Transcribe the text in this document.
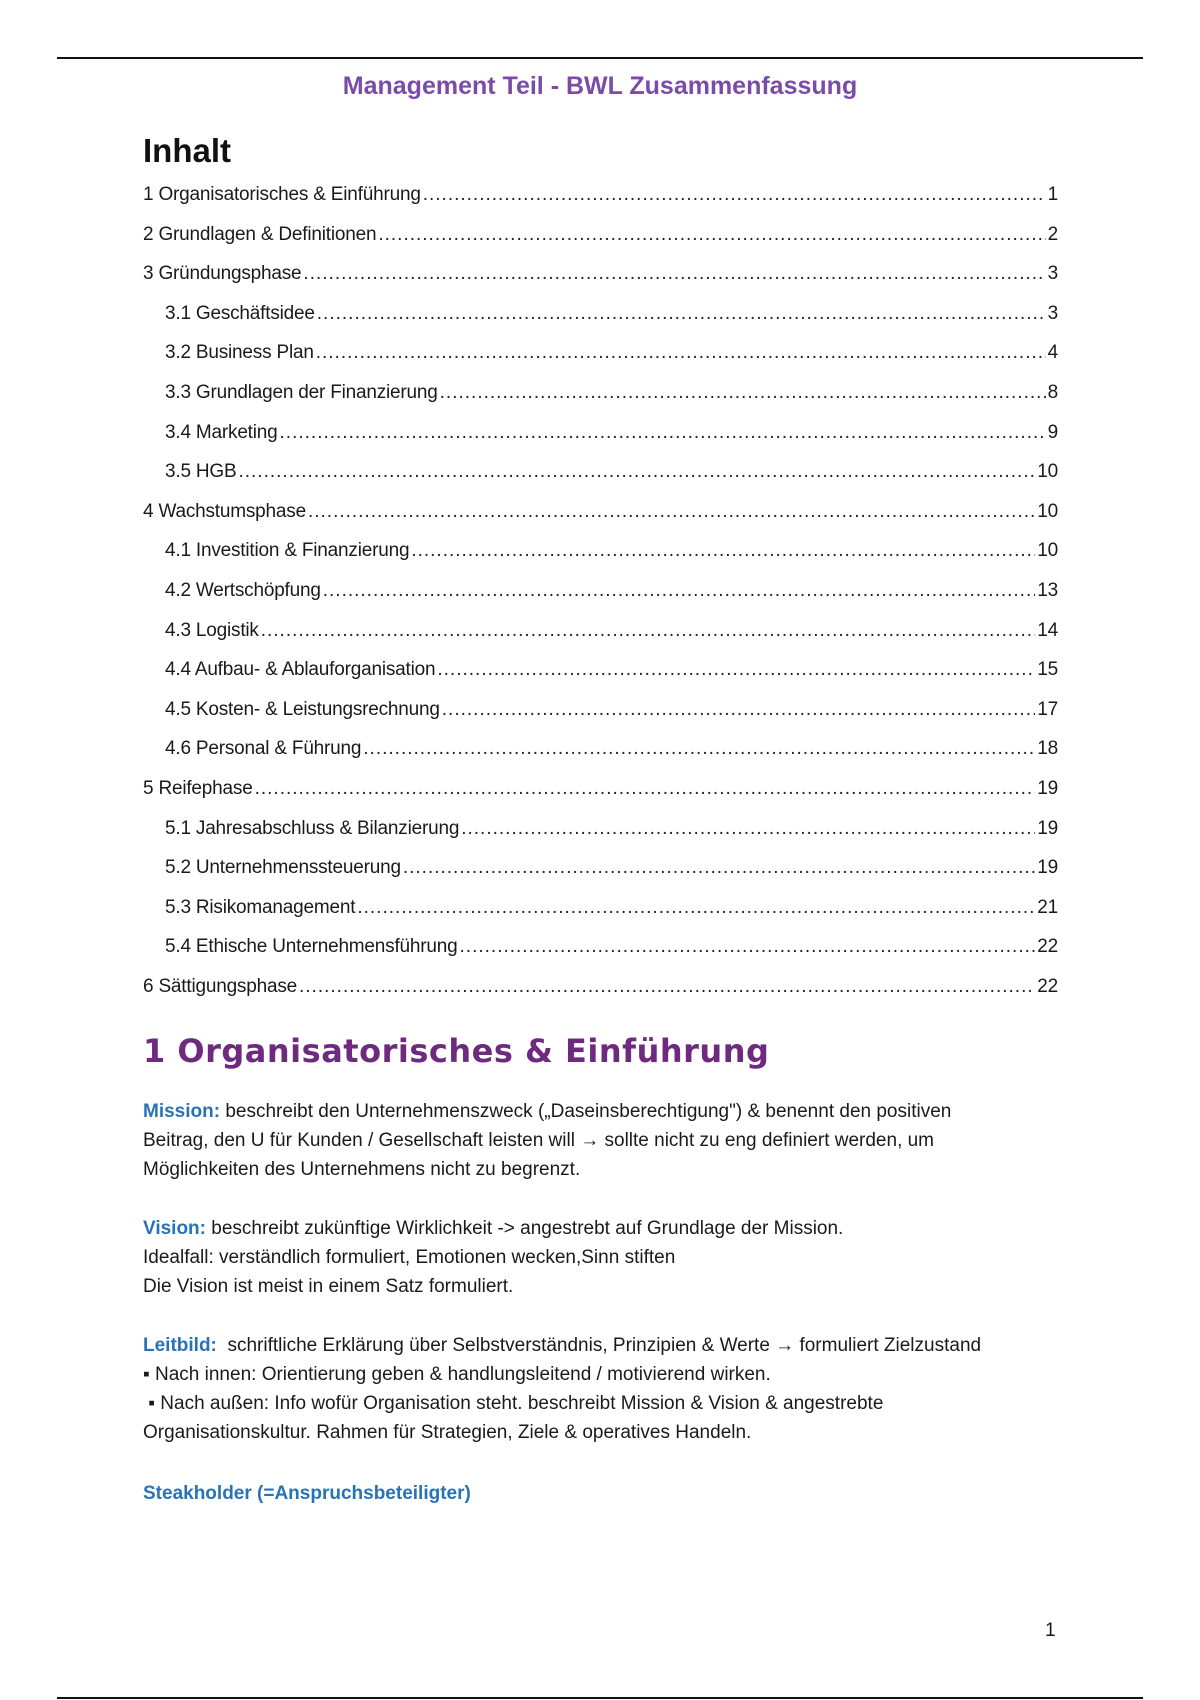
Management Teil - BWL Zusammenfassung
Inhalt
1 Organisatorisches & Einführung .....	1
2 Grundlagen & Definitionen .....	2
3 Gründungsphase .....	3
3.1 Geschäftsidee .....	3
3.2 Business Plan .....	4
3.3 Grundlagen der Finanzierung .....	8
3.4 Marketing .....	9
3.5 HGB .....	10
4 Wachstumsphase .....	10
4.1 Investition & Finanzierung .....	10
4.2 Wertschöpfung .....	13
4.3 Logistik .....	14
4.4 Aufbau- & Ablauforganisation .....	15
4.5 Kosten- & Leistungsrechnung .....	17
4.6 Personal & Führung .....	18
5 Reifephase .....	19
5.1 Jahresabschluss & Bilanzierung .....	19
5.2 Unternehmenssteuerung .....	19
5.3 Risikomanagement .....	21
5.4 Ethische Unternehmensführung .....	22
6 Sättigungsphase .....	22
1 Organisatorisches & Einführung
Mission: beschreibt den Unternehmenszweck („Daseinsberechtigung") & benennt den positiven
Beitrag, den U für Kunden / Gesellschaft leisten will → sollte nicht zu eng definiert werden, um
Möglichkeiten des Unternehmens nicht zu begrenzt.
Vision: beschreibt zukünftige Wirklichkeit -> angestrebt auf Grundlage der Mission.
Idealfall: verständlich formuliert, Emotionen wecken,Sinn stiften
Die Vision ist meist in einem Satz formuliert.
Leitbild:  schriftliche Erklärung über Selbstverständnis, Prinzipien & Werte → formuliert Zielzustand
▪ Nach innen: Orientierung geben & handlungsleitend / motivierend wirken.
▪ Nach außen: Info wofür Organisation steht. beschreibt Mission & Vision & angestrebte
Organisationskultur. Rahmen für Strategien, Ziele & operatives Handeln.
Steakholder (=Anspruchsbeteiligter)
1
